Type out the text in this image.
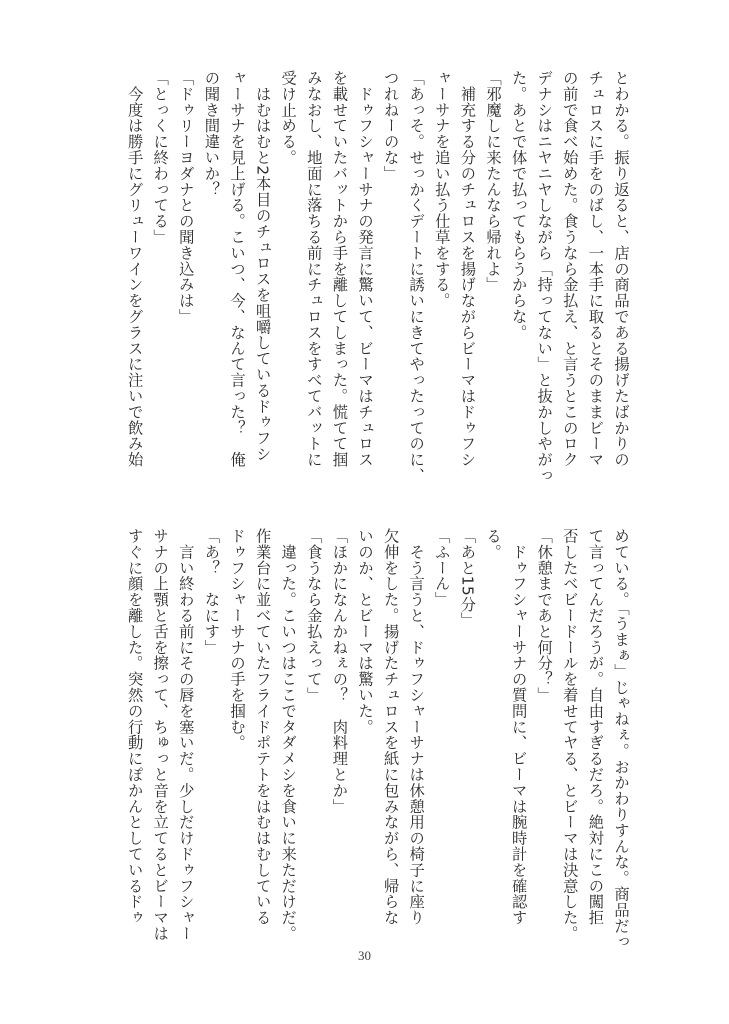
とわかる。振り返ると、店の商品である揚げたばかりの
チュロスに手をのばし、一本手に取るとそのままビーマ
の前で食べ始めた。食うなら金払え、と言うとこのロク
デナシはニヤニヤしながら「持ってない」と抜かしやがっ
た。あとで体で払ってもらうからな。
「邪魔しに来たんなら帰れよ」
　補充する分のチュロスを揚げながらビーマはドゥフシ
ャーサナを追い払う仕草をする。
「あっそ。せっかくデートに誘いにきてやったってのに、
つれねーのな」
　ドゥフシャーサナの発言に驚いて、ビーマはチュロス
を載せていたバットから手を離してしまった。慌てて掴
みなおし、地面に落ちる前にチュロスをすべてバットに
受け止める。
　はむはむと2本目のチュロスを咀嚼しているドゥフシ
ャーサナを見上げる。こいつ、今、なんて言った？　俺
の聞き間違いか？
「ドゥリーヨダナとの聞き込みは」
「とっくに終わってる」
　今度は勝手にグリューワインをグラスに注いで飲み始
めている。「うまぁ」じゃねぇ。おかわりすんな。商品だっ
て言ってんだろうが。自由すぎるだろ。絶対にこの闖拒
否したベビードールを着せてヤる、とビーマは決意した。
「休憩まであと何分？」
　ドゥフシャーサナの質問に、ビーマは腕時計を確認す
る。
「あと15分」
「ふーん」
　そう言うと、ドゥフシャーサナは休憩用の椅子に座り
欠伸をした。揚げたチュロスを紙に包みながら、帰らな
いのか、とビーマは驚いた。
「ほかになんかねぇの？　肉料理とか」
「食うなら金払えって」
　違った。こいつはここでタダメシを食いに来ただけだ。
作業台に並べていたフライドポテトをはむはむしている
ドゥフシャーサナの手を掴む。
「あ？　なにす」
　言い終わる前にその唇を塞いだ。少しだけドゥフシャー
サナの上顎と舌を擦って、ちゅっと音を立てるとビーマは
すぐに顔を離した。突然の行動にぽかんとしているドゥ
30
